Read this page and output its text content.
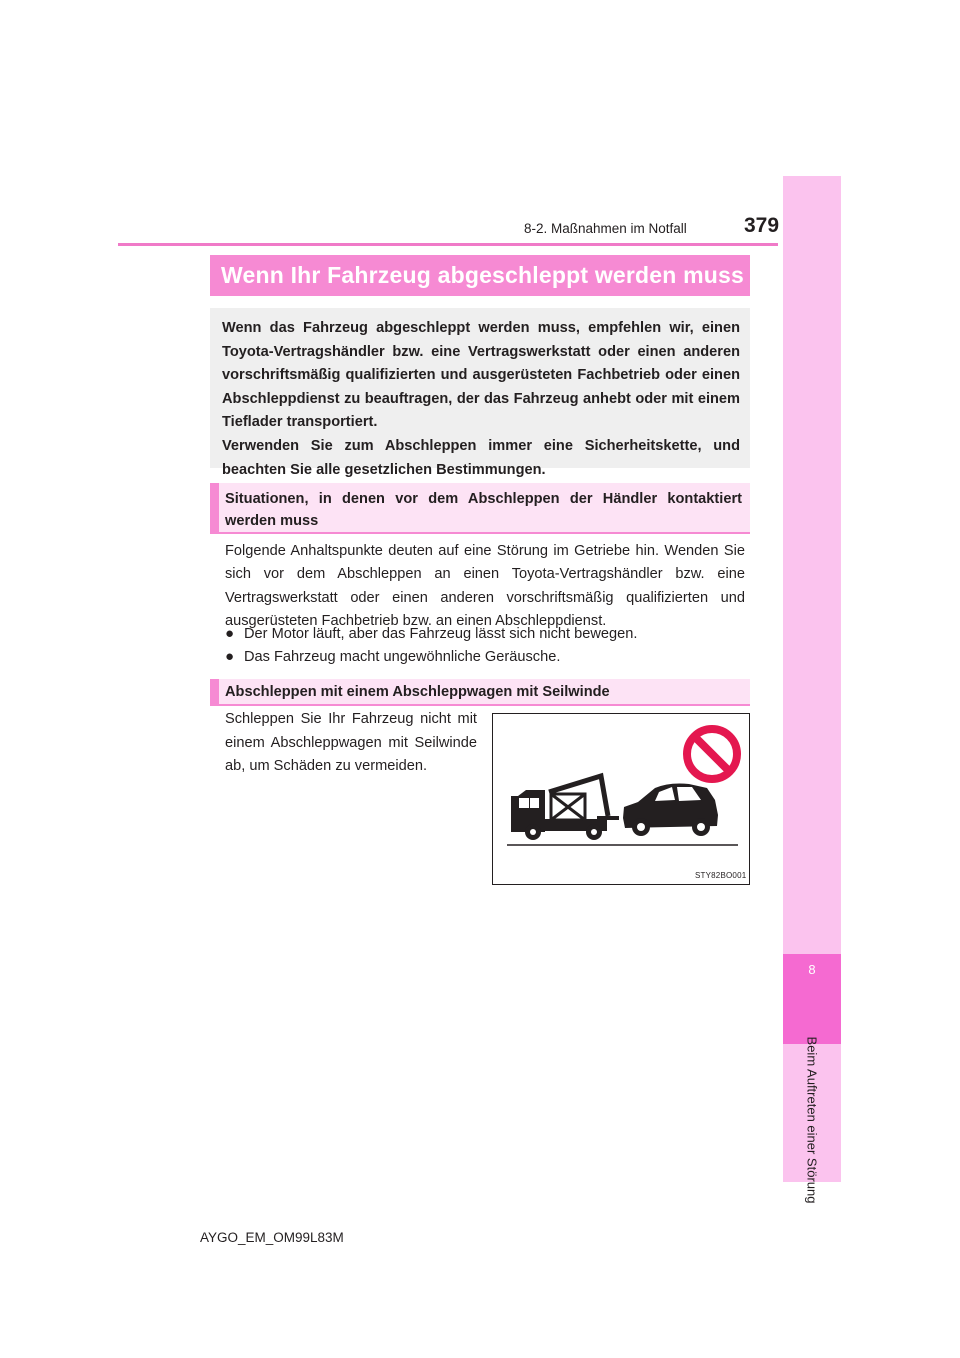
8-2. Maßnahmen im Notfall	379
8
Beim Auftreten einer Störung
Wenn Ihr Fahrzeug abgeschleppt werden muss

Wenn das Fahrzeug abgeschleppt werden muss, empfehlen wir, einen Toyota-Vertragshändler bzw. eine Vertragswerkstatt oder einen anderen vorschriftsmäßig qualifizierten und ausgerüsteten Fachbetrieb oder einen Abschleppdienst zu beauftragen, der das Fahrzeug anhebt oder mit einem Tieflader transportiert.

Verwenden Sie zum Abschleppen immer eine Sicherheitskette, und beachten Sie alle gesetzlichen Bestimmungen.

Situationen, in denen vor dem Abschleppen der Händler kontaktiert werden muss
Folgende Anhaltspunkte deuten auf eine Störung im Getriebe hin. Wenden Sie sich vor dem Abschleppen an einen Toyota-Vertragshändler bzw. eine Vertragswerkstatt oder einen anderen vorschriftsmäßig qualifizierten und ausgerüsteten Fachbetrieb bzw. an einen Abschleppdienst.
● Der Motor läuft, aber das Fahrzeug lässt sich nicht bewegen.
● Das Fahrzeug macht ungewöhnliche Geräusche.
Abschleppen mit einem Abschleppwagen mit Seilwinde
Schleppen Sie Ihr Fahrzeug nicht mit einem Abschleppwagen mit Seilwinde ab, um Schäden zu vermeiden.
STY82BO001
AYGO_EM_OM99L83M
